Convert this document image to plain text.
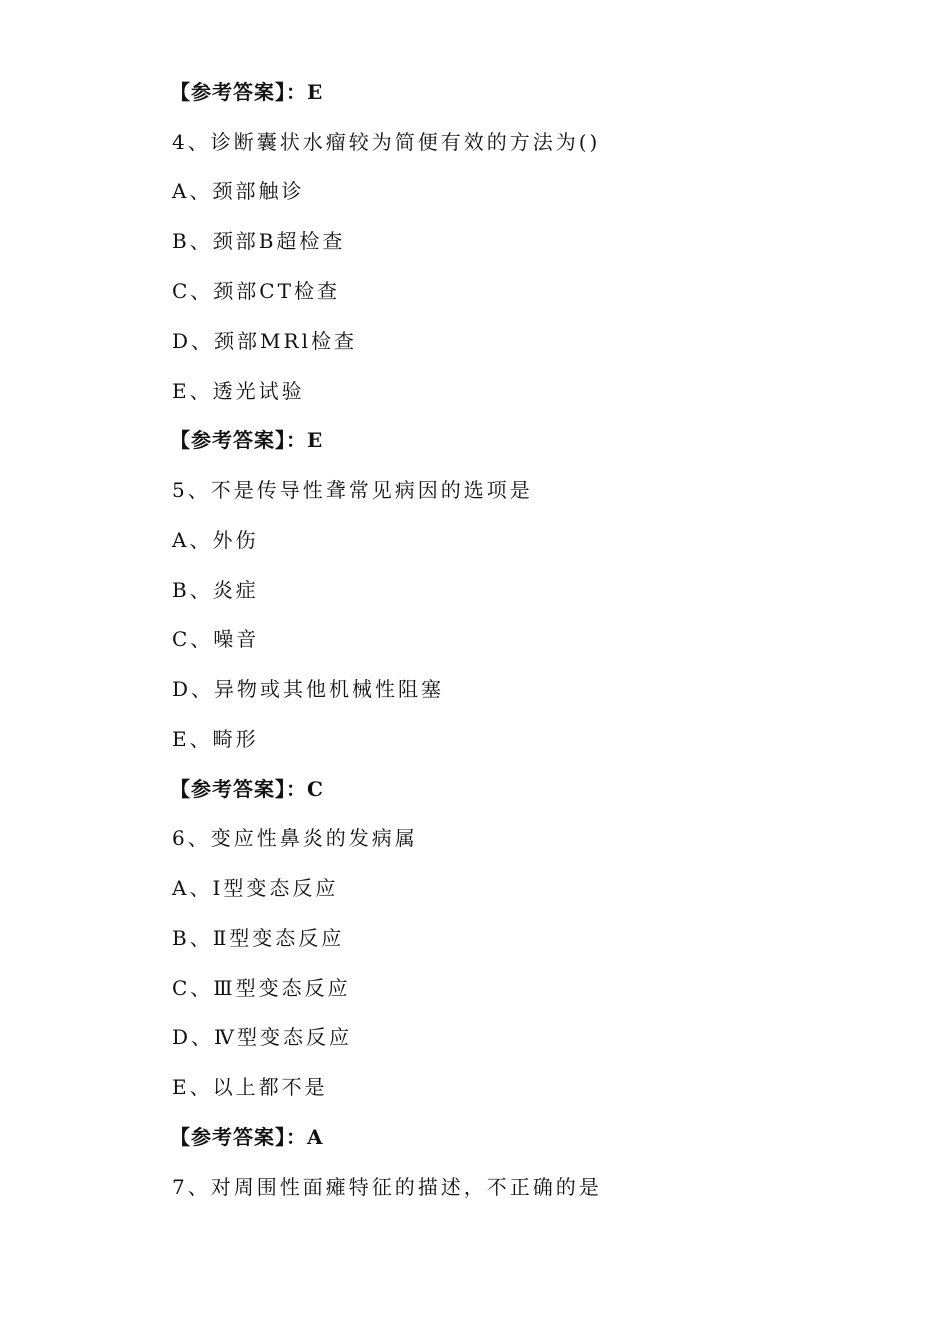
【参考答案】：E
4、诊断囊状水瘤较为简便有效的方法为()
A、颈部触诊
B、颈部B超检查
C、颈部CT检查
D、颈部MRl检查
E、透光试验
【参考答案】：E
5、不是传导性聋常见病因的选项是
A、外伤
B、炎症
C、噪音
D、异物或其他机械性阻塞
E、畸形
【参考答案】：C
6、变应性鼻炎的发病属
A、Ⅰ型变态反应
B、Ⅱ型变态反应
C、Ⅲ型变态反应
D、Ⅳ型变态反应
E、以上都不是
【参考答案】：A
7、对周围性面瘫特征的描述，不正确的是
